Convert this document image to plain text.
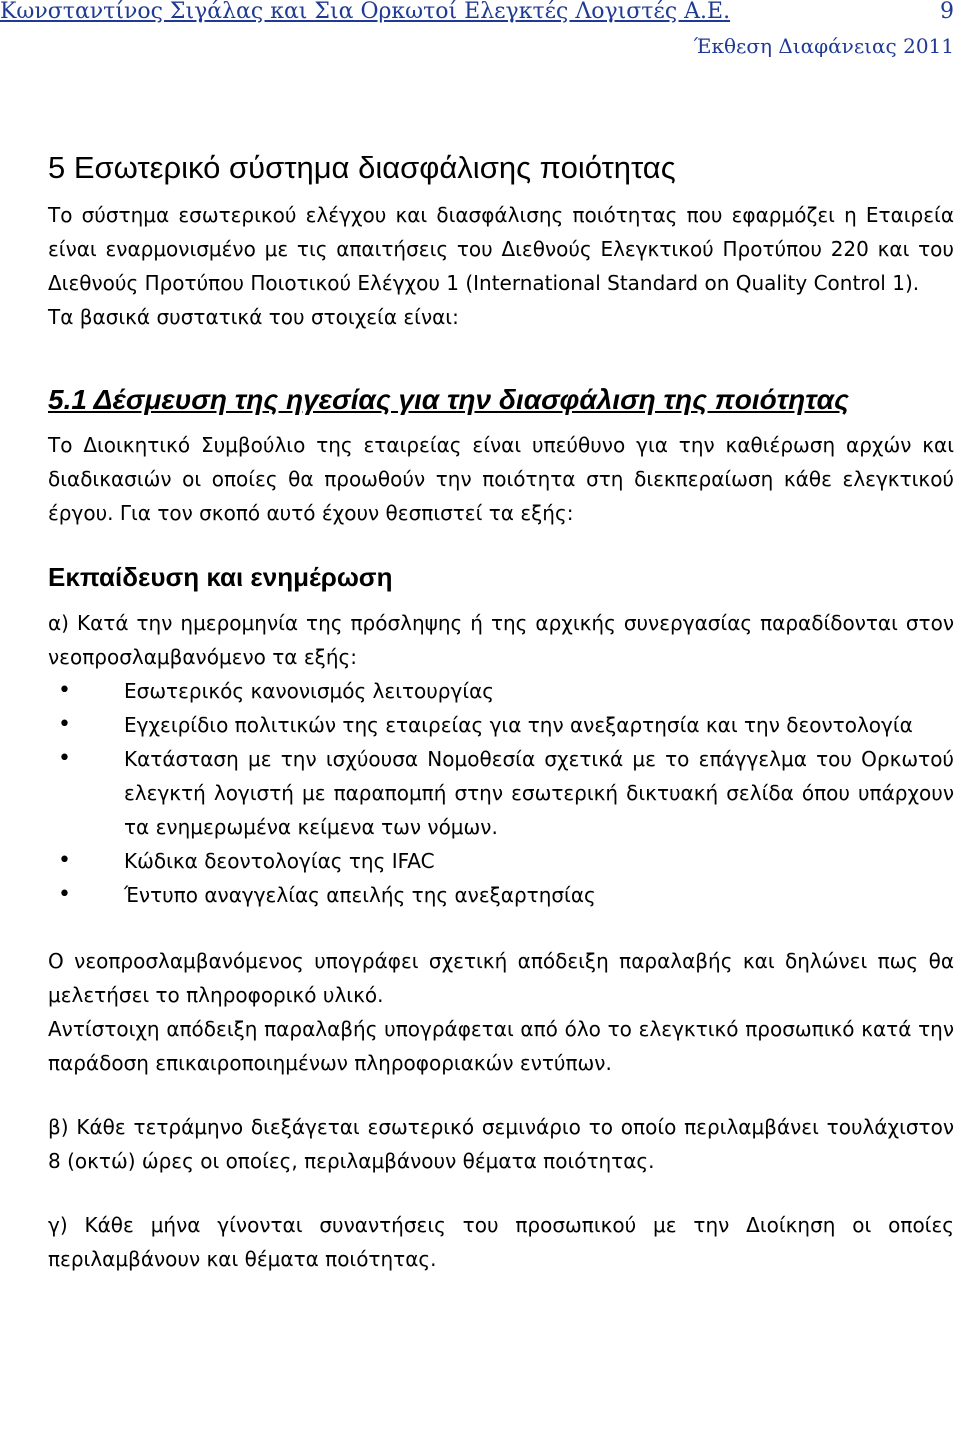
Κωνσταντίνος Σιγάλας και Σια Ορκωτοί Ελεγκτές Λογιστές Α.Ε.	9
Έκθεση Διαφάνειας 2011
5 Εσωτερικό σύστημα διασφάλισης ποιότητας

Το σύστημα εσωτερικού ελέγχου και διασφάλισης ποιότητας που εφαρμόζει η Εταιρεία είναι εναρμονισμένο με τις απαιτήσεις του Διεθνούς Ελεγκτικού Προτύπου 220 και του Διεθνούς Προτύπου Ποιοτικού Ελέγχου 1 (International Standard on Quality Control 1).

Τα βασικά συστατικά του στοιχεία είναι:

5.1 Δέσμευση της ηγεσίας για την διασφάλιση της ποιότητας

Το Διοικητικό Συμβούλιο της εταιρείας είναι υπεύθυνο για την καθιέρωση αρχών και διαδικασιών οι οποίες θα προωθούν την ποιότητα στη διεκπεραίωση κάθε ελεγκτικού έργου. Για τον σκοπό αυτό έχουν θεσπιστεί τα εξής:

Εκπαίδευση και ενημέρωση

α) Κατά την ημερομηνία της πρόσληψης ή της αρχικής συνεργασίας παραδίδονται στον νεοπροσλαμβανόμενο τα εξής:

•	Εσωτερικός κανονισμός λειτουργίας
•	Εγχειρίδιο πολιτικών της εταιρείας για την ανεξαρτησία και την δεοντολογία
•	Κατάσταση με την ισχύουσα Νομοθεσία σχετικά με το επάγγελμα του Ορκωτού ελεγκτή λογιστή με παραπομπή στην εσωτερική δικτυακή σελίδα όπου υπάρχουν τα ενημερωμένα κείμενα των νόμων.
•	Κώδικα δεοντολογίας της IFAC
•	Έντυπο αναγγελίας απειλής της ανεξαρτησίας

Ο νεοπροσλαμβανόμενος υπογράφει σχετική απόδειξη παραλαβής και δηλώνει πως θα μελετήσει το πληροφορικό υλικό.

Αντίστοιχη απόδειξη παραλαβής υπογράφεται από όλο το ελεγκτικό προσωπικό κατά την παράδοση επικαιροποιημένων πληροφοριακών εντύπων.

β) Κάθε τετράμηνο διεξάγεται εσωτερικό σεμινάριο το οποίο περιλαμβάνει τουλάχιστον 8 (οκτώ) ώρες οι οποίες, περιλαμβάνουν θέματα ποιότητας.

γ) Κάθε μήνα γίνονται συναντήσεις του προσωπικού με την Διοίκηση οι οποίες περιλαμβάνουν και θέματα ποιότητας.
